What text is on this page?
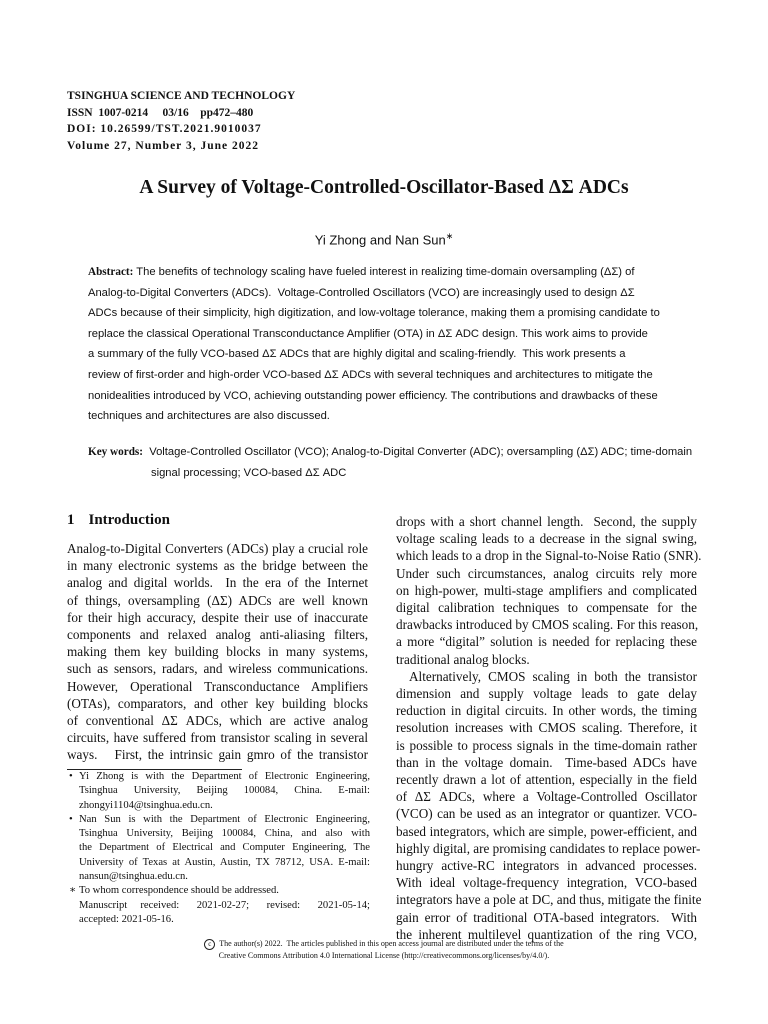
TSINGHUA SCIENCE AND TECHNOLOGY
ISSN  1007-0214     03/16    pp472–480
DOI: 10.26599/TST.2021.9010037
Volume 27, Number 3, June 2022
A Survey of Voltage-Controlled-Oscillator-Based ΔΣ ADCs
Yi Zhong and Nan Sun∗
Abstract: The benefits of technology scaling have fueled interest in realizing time-domain oversampling (ΔΣ) of
Analog-to-Digital Converters (ADCs).  Voltage-Controlled Oscillators (VCO) are increasingly used to design ΔΣ
ADCs because of their simplicity, high digitization, and low-voltage tolerance, making them a promising candidate to
replace the classical Operational Transconductance Amplifier (OTA) in ΔΣ ADC design. This work aims to provide
a summary of the fully VCO-based ΔΣ ADCs that are highly digital and scaling-friendly.  This work presents a
review of first-order and high-order VCO-based ΔΣ ADCs with several techniques and architectures to mitigate the
nonidealities introduced by VCO, achieving outstanding power efficiency. The contributions and drawbacks of these
techniques and architectures are also discussed.
Key words: Voltage-Controlled Oscillator (VCO); Analog-to-Digital Converter (ADC); oversampling (ΔΣ) ADC; time-domain
signal processing; VCO-based ΔΣ ADC
1 Introduction
Analog-to-Digital Converters (ADCs) play a crucial role
in many electronic systems as the bridge between the
analog and digital worlds.  In the era of the Internet
of things, oversampling (ΔΣ) ADCs are well known
for their high accuracy, despite their use of inaccurate
components and relaxed analog anti-aliasing filters,
making them key building blocks in many systems,
such as sensors, radars, and wireless communications.
However, Operational Transconductance Amplifiers
(OTAs), comparators, and other key building blocks
of conventional ΔΣ ADCs, which are active analog
circuits, have suffered from transistor scaling in several
ways.   First, the intrinsic gain gmro of the transistor
drops with a short channel length.  Second, the supply
voltage scaling leads to a decrease in the signal swing,
which leads to a drop in the Signal-to-Noise Ratio (SNR).
Under such circumstances, analog circuits rely more
on high-power, multi-stage amplifiers and complicated
digital calibration techniques to compensate for the
drawbacks introduced by CMOS scaling. For this reason,
a more “digital” solution is needed for replacing these
traditional analog blocks.
Alternatively, CMOS scaling in both the transistor
dimension and supply voltage leads to gate delay
reduction in digital circuits. In other words, the timing
resolution increases with CMOS scaling. Therefore, it
is possible to process signals in the time-domain rather
than in the voltage domain.  Time-based ADCs have
recently drawn a lot of attention, especially in the field
of ΔΣ ADCs, where a Voltage-Controlled Oscillator
(VCO) can be used as an integrator or quantizer. VCO-
based integrators, which are simple, power-efficient, and
highly digital, are promising candidates to replace power-
hungry active-RC integrators in advanced processes.
With ideal voltage-frequency integration, VCO-based
integrators have a pole at DC, and thus, mitigate the finite
gain error of traditional OTA-based integrators.  With
the inherent multilevel quantization of the ring VCO,
• Yi Zhong is with the Department of Electronic Engineering,
Tsinghua   University,   Beijing   100084,   China.   E-mail:
zhongyi1104@tsinghua.edu.cn.
• Nan Sun is with the Department of Electronic Engineering,
Tsinghua University, Beijing 100084, China, and also with
the Department of Electrical and Computer Engineering, The
University of Texas at Austin, Austin, TX 78712, USA. E-mail:
nansun@tsinghua.edu.cn.
∗ To whom correspondence should be addressed.
Manuscript   received:    2021-02-27;    revised:    2021-05-14;
accepted: 2021-05-16.
c The author(s) 2022.  The articles published in this open access journal are distributed under the terms of the
Creative Commons Attribution 4.0 International License (http://creativecommons.org/licenses/by/4.0/).
